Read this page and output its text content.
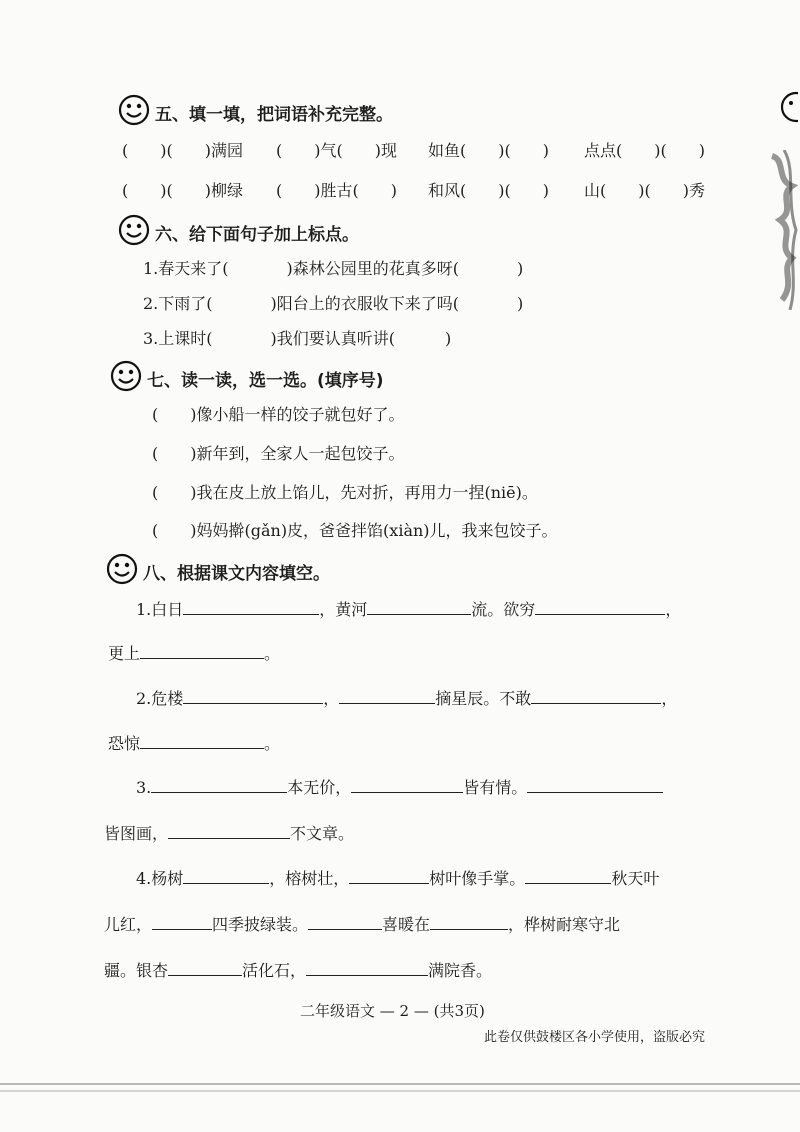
五、填一填，把词语补充完整。
(　　)(　　)满园 (　　)气(　　)现 如鱼(　　)(　　) 点点(　　)(　　)
(　　)(　　)柳绿 (　　)胜古(　　) 和风(　　)(　　) 山(　　)(　　)秀
六、给下面句子加上标点。
1.春天来了(	)森林公园里的花真多呀(	)
2.下雨了(	)阳台上的衣服收下来了吗(	)
3.上课时(	)我们要认真听讲(	)
七、读一读，选一选。(填序号)
(　　)像小船一样的饺子就包好了。
(　　)新年到，全家人一起包饺子。
(　　)我在皮上放上馅儿，先对折，再用力一捏(niē)。
(　　)妈妈擀(gǎn)皮，爸爸拌馅(xiàn)儿，我来包饺子。
八、根据课文内容填空。
1.白日	，黄河	流。欲穷	，
更上	。
2.危楼	，	摘星辰。不敢	，
恐惊	。
3.	本无价，	皆有情。
皆图画，	不文章。
4.杨树	，榕树壮，	树叶像手掌。	秋天叶
儿红，	四季披绿装。	喜暖在	，桦树耐寒守北
疆。银杏	活化石，	满院香。
二年级语文 — 2 — (共3页)
此卷仅供鼓楼区各小学使用，盗版必究
